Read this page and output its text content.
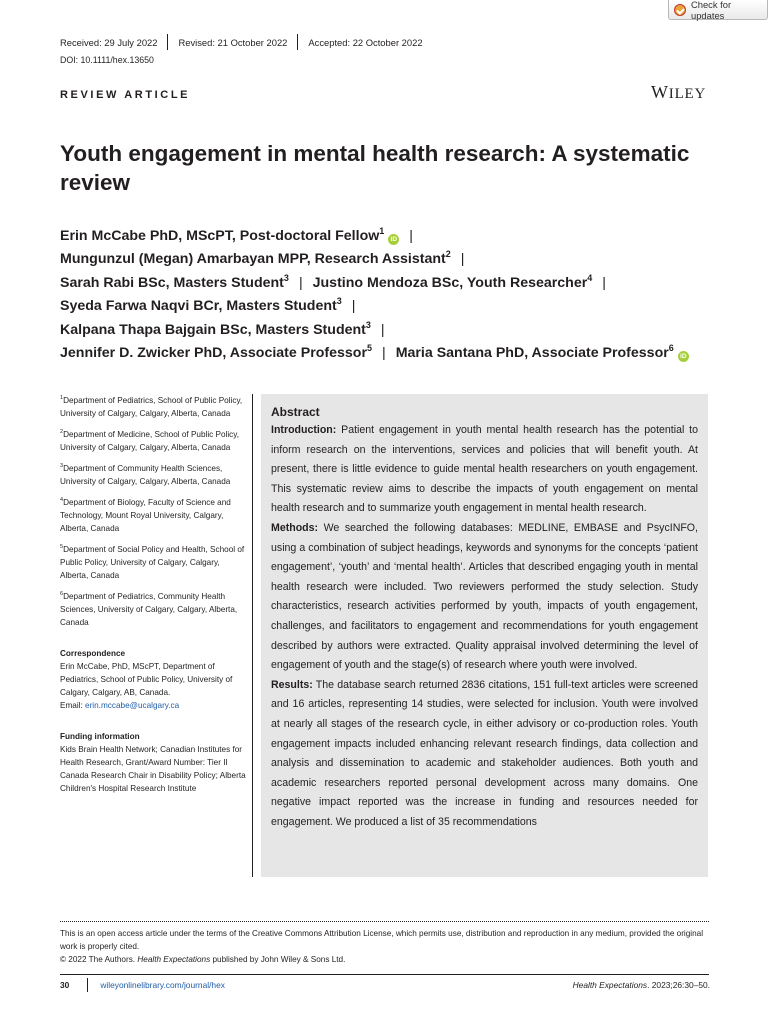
Received: 29 July 2022 Revised: 21 October 2022 Accepted: 22 October 2022
DOI: 10.1111/hex.13650
Check for updates
REVIEW ARTICLE	WILEY
Youth engagement in mental health research: A systematic review
Erin McCabe PhD, MScPT, Post-doctoral Fellow$^1$iD |
Mungunzul (Megan) Amarbayan MPP, Research Assistant$^2$ |
Sarah Rabi BSc, Masters Student$^3$ | Justino Mendoza BSc, Youth Researcher$^4$ |
Syeda Farwa Naqvi BCr, Masters Student$^3$ |
Kalpana Thapa Bajgain BSc, Masters Student$^3$ |
Jennifer D. Zwicker PhD, Associate Professor$^5$ | Maria Santana PhD, Associate Professor$^6$iD
$^1$Department of Pediatrics, School of Public Policy, University of Calgary, Calgary, Alberta, Canada
$^2$Department of Medicine, School of Public Policy, University of Calgary, Calgary, Alberta, Canada
$^3$Department of Community Health Sciences, University of Calgary, Calgary, Alberta, Canada
$^4$Department of Biology, Faculty of Science and Technology, Mount Royal University, Calgary, Alberta, Canada
$^5$Department of Social Policy and Health, School of Public Policy, University of Calgary, Calgary, Alberta, Canada
$^6$Department of Pediatrics, Community Health Sciences, University of Calgary, Calgary, Alberta, Canada
Correspondence
Erin McCabe, PhD, MScPT, Department of Pediatrics, School of Public Policy, University of Calgary, Calgary, AB, Canada.
Email: erin.mccabe@ucalgary.ca
Funding information
Kids Brain Health Network; Canadian Institutes for Health Research, Grant/Award Number: Tier II Canada Research Chair in Disability Policy; Alberta Children's Hospital Research Institute
Abstract

Introduction: Patient engagement in youth mental health research has the potential to inform research on the interventions, services and policies that will benefit youth. At present, there is little evidence to guide mental health researchers on youth engagement. This systematic review aims to describe the impacts of youth engagement on mental health research and to summarize youth engagement in mental health research.

Methods: We searched the following databases: MEDLINE, EMBASE and PsycINFO, using a combination of subject headings, keywords and synonyms for the concepts ‘patient engagement’, ‘youth’ and ‘mental health’. Articles that described engaging youth in mental health research were included. Two reviewers performed the study selection. Study characteristics, research activities performed by youth, impacts of youth engagement, challenges, and facilitators to engagement and recommendations for youth engagement described by authors were extracted. Quality appraisal involved determining the level of engagement of youth and the stage(s) of research where youth were involved.

Results: The database search returned 2836 citations, 151 full-text articles were screened and 16 articles, representing 14 studies, were selected for inclusion. Youth were involved at nearly all stages of the research cycle, in either advisory or co-production roles. Youth engagement impacts included enhancing relevant research findings, data collection and analysis and dissemination to academic and stakeholder audiences. Both youth and academic researchers reported personal development across many domains. One negative impact reported was the increase in funding and resources needed for engagement. We produced a list of 35 recommendations

This is an open access article under the terms of the Creative Commons Attribution License, which permits use, distribution and reproduction in any medium, provided the original work is properly cited.
© 2022 The Authors. Health Expectations published by John Wiley & Sons Ltd.
30	wileyonlinelibrary.com/journal/hex	Health Expectations. 2023;26:30–50.
